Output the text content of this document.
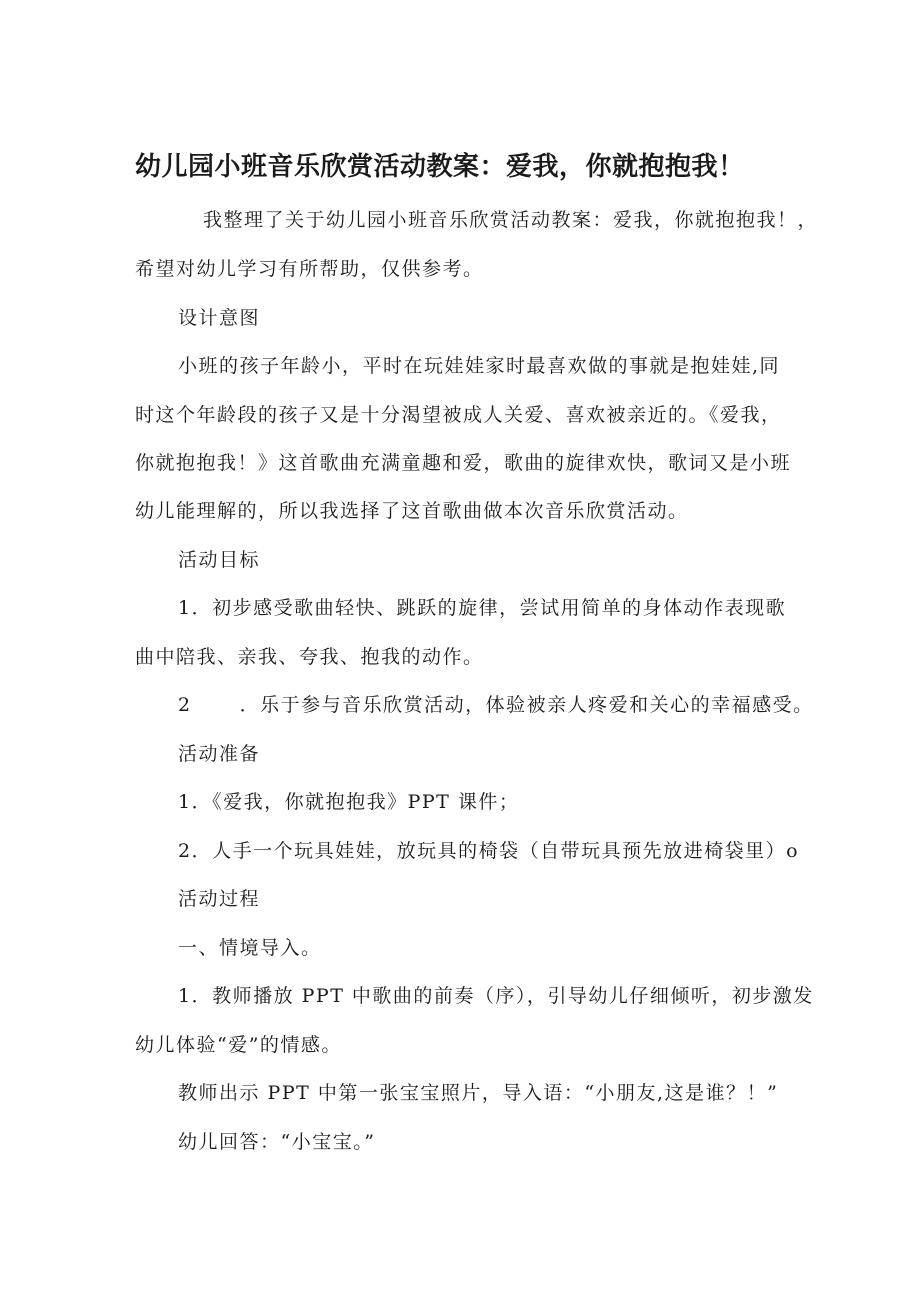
幼儿园小班音乐欣赏活动教案：爱我，你就抱抱我！
我整理了关于幼儿园小班音乐欣赏活动教案：爱我，你就抱抱我！，
希望对幼儿学习有所帮助，仅供参考。
设计意图
小班的孩子年龄小，平时在玩娃娃家时最喜欢做的事就是抱娃娃,同
时这个年龄段的孩子又是十分渴望被成人关爱、喜欢被亲近的。《爱我，
你就抱抱我！》这首歌曲充满童趣和爱，歌曲的旋律欢快，歌词又是小班
幼儿能理解的，所以我选择了这首歌曲做本次音乐欣赏活动。
活动目标
1．初步感受歌曲轻快、跳跃的旋律，尝试用简单的身体动作表现歌
曲中陪我、亲我、夸我、抱我的动作。
2	．乐于参与音乐欣赏活动，体验被亲人疼爱和关心的幸福感受。
活动准备
1．《爱我，你就抱抱我》PPT 课件；
2．人手一个玩具娃娃，放玩具的椅袋（自带玩具预先放进椅袋里）o
活动过程
一、情境导入。
1．教师播放 PPT 中歌曲的前奏（序），引导幼儿仔细倾听，初步激发
幼儿体验“爱”的情感。
教师出示 PPT 中第一张宝宝照片，导入语：“小朋友,这是谁？！”
幼儿回答：“小宝宝。”
